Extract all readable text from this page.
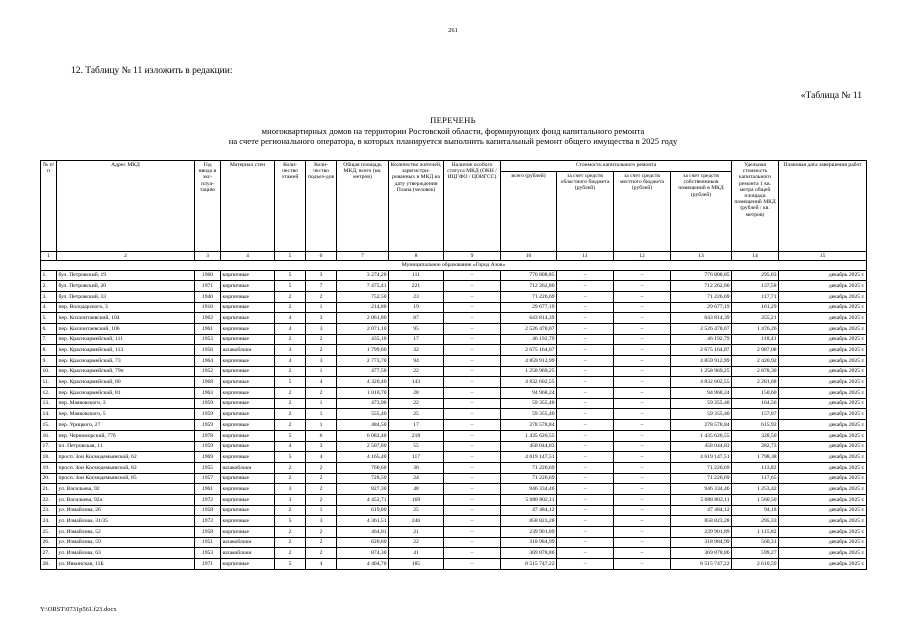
261
12. Таблицу № 11 изложить в редакции:
«Таблица № 11
ПЕРЕЧЕНЬ
многоквартирных домов на территории Ростовской области, формирующих фонд капитального ремонта
на счете регионального оператора, в которых планируется выполнить капитальный ремонт общего имущества в 2025 году
№ п/п	Адрес МКД	Год ввода в экс-плуа-тацию	Материал стен	Коли-чество этажей	Коли-чество подъез-дов	Общая площадь МКД, всего (кв. метров)	Количество жителей, зарегистри-рованных в МКД на дату утверждения Плана (человек)	Наличие особого статуса МКД (ОКН / ИЦГФО / ЦОИГСС)	Стоимость капитального ремонта				Удельная стоимость капитального ремонта 1 кв. метра общей площади помещений МКД (рублей / кв. метров)	Плановая дата завершения работ
									всего (рублей)	за счет средств областного бюджета (рублей)	за счет средств местного бюджета (рублей)	за счет средств собственников помещений в МКД (рублей)		
1	2	3	4	5	6	7	8	9	10	11	12	13	14	15
Муниципальное образование «Город Азов»														
1.	бул. Петровский, 19	1960	кирпичные	5	3	3 274,20	111	–	776 808,85	–	–	776 808,85	295,03	декабрь 2025 г.
2.	бул. Петровский, 20	1971	кирпичные	5	7	7 475,41	221	–	712 262,80	–	–	712 262,80	137,58	декабрь 2025 г.
3.	бул. Петровский, 33	1940	кирпичные	2	2	752,50	23	–	71 226,69	–	–	71 226,69	117,71	декабрь 2025 г.
4.	пер. Володарского, 3	1910	кирпичные	2	1	214,80	19	–	29 677,19	–	–	29 677,19	161,29	декабрь 2025 г.
5.	пер. Коллонтаевский, 104	1962	кирпичные	4	3	2 061,80	87	–	643 814,39	–	–	643 814,39	355,21	декабрь 2025 г.
6.	пер. Коллонтаевский, 106	1961	кирпичные	4	3	2 071,10	95	–	2 526 478,07	–	–	2 526 478,07	1 476,26	декабрь 2025 г.
7.	пер. Красноармейский, 111	1953	кирпичные	2	2	435,10	17	–	46 192,79	–	–	46 192,79	118,41	декабрь 2025 г.
8.	пер. Красноармейский, 113	1956	шлакоблоки	3	2	1 799,60	32	–	2 675 164,07	–	–	2 675 164,07	2 087,08	декабрь 2025 г.
9.	пер. Красноармейский, 73	1964	кирпичные	4	3	2 773,70	94	–	4 859 912,99	–	–	4 859 912,99	2 426,92	декабрь 2025 г.
10.	пер. Красноармейский, 79п	1952	кирпичные	2	1	477,50	22	–	1 258 969,25	–	–	1 258 969,25	2 878,30	декабрь 2025 г.
11.	пер. Красноармейский, 80	1968	кирпичные	5	4	4 320,40	143	–	4 832 602,55	–	–	4 832 602,55	2 281,68	декабрь 2025 г.
12.	пер. Красноармейский, 81	1963	кирпичные	2	2	1 010,70	28	–	94 968,24	–	–	94 968,24	150,60	декабрь 2025 г.
13.	пер. Маяковского, 3	1959	кирпичные	2	1	473,90	22	–	59 355,40	–	–	59 355,40	164,56	декабрь 2025 г.
14.	пер. Маяковского, 5	1959	кирпичные	2	1	555,40	25	–	59 355,40	–	–	59 355,40	157,07	декабрь 2025 г.
15.	пер. Урицкого, 27	1959	кирпичные	2	1	484,50	17	–	278 578,84	–	–	278 578,84	615,92	декабрь 2025 г.
16.	пер. Черноморский, 77б	1978	кирпичные	5	6	6 082,40	218	–	1 435 626,55	–	–	1 435 626,55	328,50	декабрь 2025 г.
17.	пл. Петровская, 11	1959	кирпичные	4	3	2 507,80	55	–	458 044,83	–	–	458 044,83	282,73	декабрь 2025 г.
18.	просп. Зои Космодемьянской, 62	1969	кирпичные	5	4	4 165,40	117	–	4 619 147,51	–	–	4 619 147,51	1 798,38	декабрь 2025 г.
19.	просп. Зои Космодемьянской, 82	1955	шлакоблоки	2	2	760,60	36	–	71 226,69	–	–	71 226,69	113,82	декабрь 2025 г.
20.	просп. Зои Космодемьянской, 85	1957	кирпичные	2	2	728,50	24	–	71 226,69	–	–	71 226,69	117,65	декабрь 2025 г.
21.	ул. Васильева, 92	1961	кирпичные	3	2	827,30	48	–	946 334,46	–	–	946 334,46	1 253,42	декабрь 2025 г.
22.	ул. Васильева, 92а	1972	кирпичные	3	2	4 452,71	169	–	5 088 802,11	–	–	5 088 802,11	1 560,50	декабрь 2025 г.
23.	ул. Измайлова, 26	1958	кирпичные	2	1	619,00	25	–	47 484,12	–	–	47 484,12	94,18	декабрь 2025 г.
24.	ул. Измайлова, 31/35	1972	кирпичные	5	3	4 361,51	246	–	858 823,28	–	–	858 823,28	295,33	декабрь 2025 г.
25.	ул. Измайлова, 52	1958	кирпичные	2	2	464,01	21	–	239 901,89	–	–	239 901,89	1 115,82	декабрь 2025 г.
26.	ул. Измайлова, 59	1951	шлакоблоки	2	2	620,60	22	–	318 984,99	–	–	318 984,99	560,31	декабрь 2025 г.
27.	ул. Измайлова, 63	1953	шлакоблоки	2	2	874,30	41	–	369 878,86	–	–	369 878,86	599,27	декабрь 2025 г.
28.	ул. Ивкинская, 11Б	1971	кирпичные	5	4	4 404,70	185	–	8 515 747,22	–	–	8 515 747,22	2 610,59	декабрь 2025 г.
Y:\ORST\0731p561.f23.docx
